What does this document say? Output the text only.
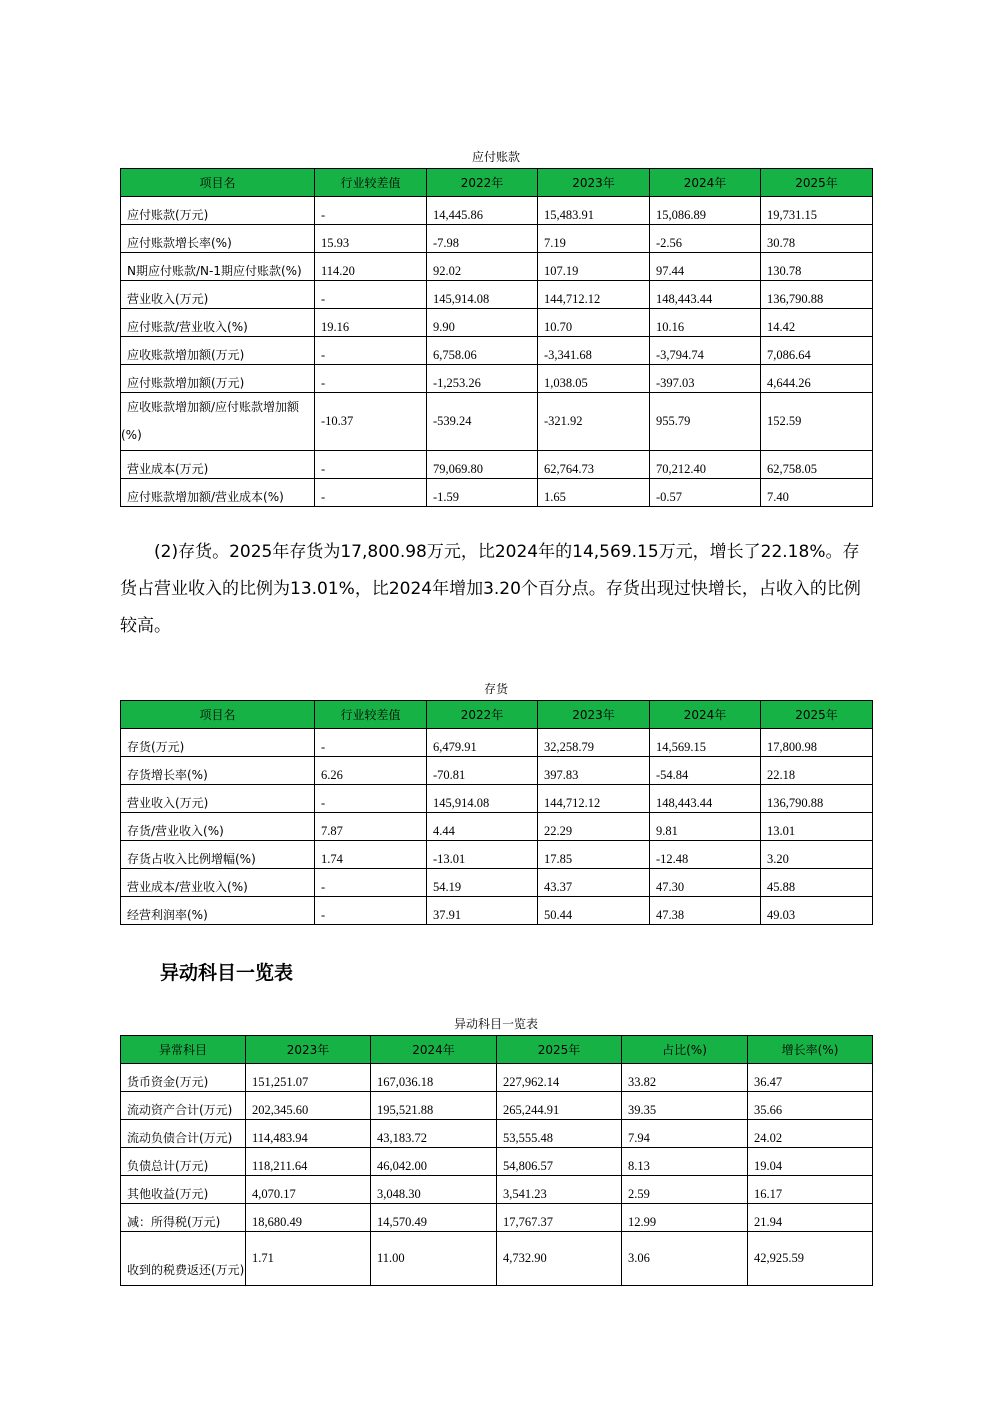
应付账款
项目名	行业较差值	2022年	2023年	2024年	2025年
应付账款(万元)	-	14,445.86	15,483.91	15,086.89	19,731.15
应付账款增长率(%)	15.93	-7.98	7.19	-2.56	30.78
N期应付账款/N-1期应付账款(%)	114.20	92.02	107.19	97.44	130.78
营业收入(万元)	-	145,914.08	144,712.12	148,443.44	136,790.88
应付账款/营业收入(%)	19.16	9.90	10.70	10.16	14.42
应收账款增加额(万元)	-	6,758.06	-3,341.68	-3,794.74	7,086.64
应付账款增加额(万元)	-	-1,253.26	1,038.05	-397.03	4,644.26
应收账款增加额/应付账款增加额(%)	-10.37	-539.24	-321.92	955.79	152.59
营业成本(万元)	-	79,069.80	62,764.73	70,212.40	62,758.05
应付账款增加额/营业成本(%)	-	-1.59	1.65	-0.57	7.40
(2)存货。2025年存货为17,800.98万元，比2024年的14,569.15万元，增长了22.18%。存货占营业收入的比例为13.01%，比2024年增加3.20个百分点。存货出现过快增长，占收入的比例较高。
存货
项目名	行业较差值	2022年	2023年	2024年	2025年
存货(万元)	-	6,479.91	32,258.79	14,569.15	17,800.98
存货增长率(%)	6.26	-70.81	397.83	-54.84	22.18
营业收入(万元)	-	145,914.08	144,712.12	148,443.44	136,790.88
存货/营业收入(%)	7.87	4.44	22.29	9.81	13.01
存货占收入比例增幅(%)	1.74	-13.01	17.85	-12.48	3.20
营业成本/营业收入(%)	-	54.19	43.37	47.30	45.88
经营利润率(%)	-	37.91	50.44	47.38	49.03
异动科目一览表
异动科目一览表
异常科目	2023年	2024年	2025年	占比(%)	增长率(%)
货币资金(万元)	151,251.07	167,036.18	227,962.14	33.82	36.47
流动资产合计(万元)	202,345.60	195,521.88	265,244.91	39.35	35.66
流动负债合计(万元)	114,483.94	43,183.72	53,555.48	7.94	24.02
负债总计(万元)	118,211.64	46,042.00	54,806.57	8.13	19.04
其他收益(万元)	4,070.17	3,048.30	3,541.23	2.59	16.17
减：所得税(万元)	18,680.49	14,570.49	17,767.37	12.99	21.94
收到的税费返还(万元)	1.71	11.00	4,732.90	3.06	42,925.59
